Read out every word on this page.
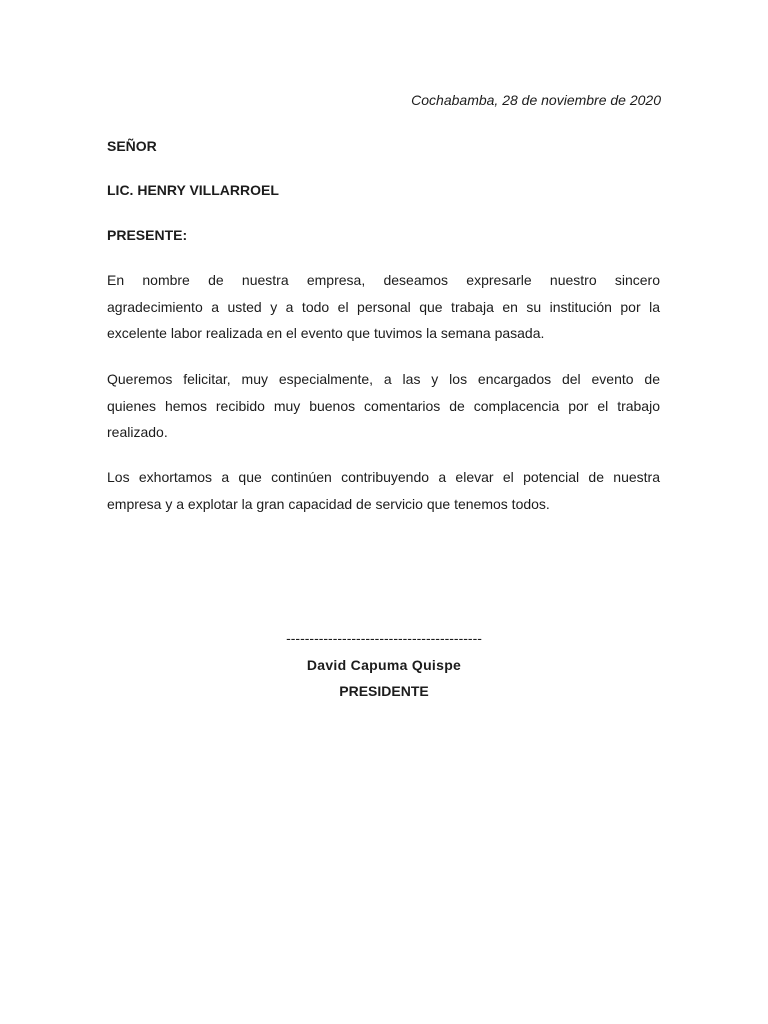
Cochabamba, 28 de noviembre de 2020
SEÑOR
LIC. HENRY VILLARROEL
PRESENTE:
En nombre de nuestra empresa, deseamos expresarle nuestro sincero
agradecimiento a usted y a todo el personal que trabaja en su institución por la
excelente labor realizada en el evento que tuvimos la semana pasada.
Queremos felicitar, muy especialmente, a las y los encargados del evento de
quienes hemos recibido muy buenos comentarios de complacencia por el trabajo
realizado.
Los exhortamos a que continúen contribuyendo a elevar el potencial de nuestra
empresa y a explotar la gran capacidad de servicio que tenemos todos.
------------------------------------------
David Capuma Quispe
PRESIDENTE
